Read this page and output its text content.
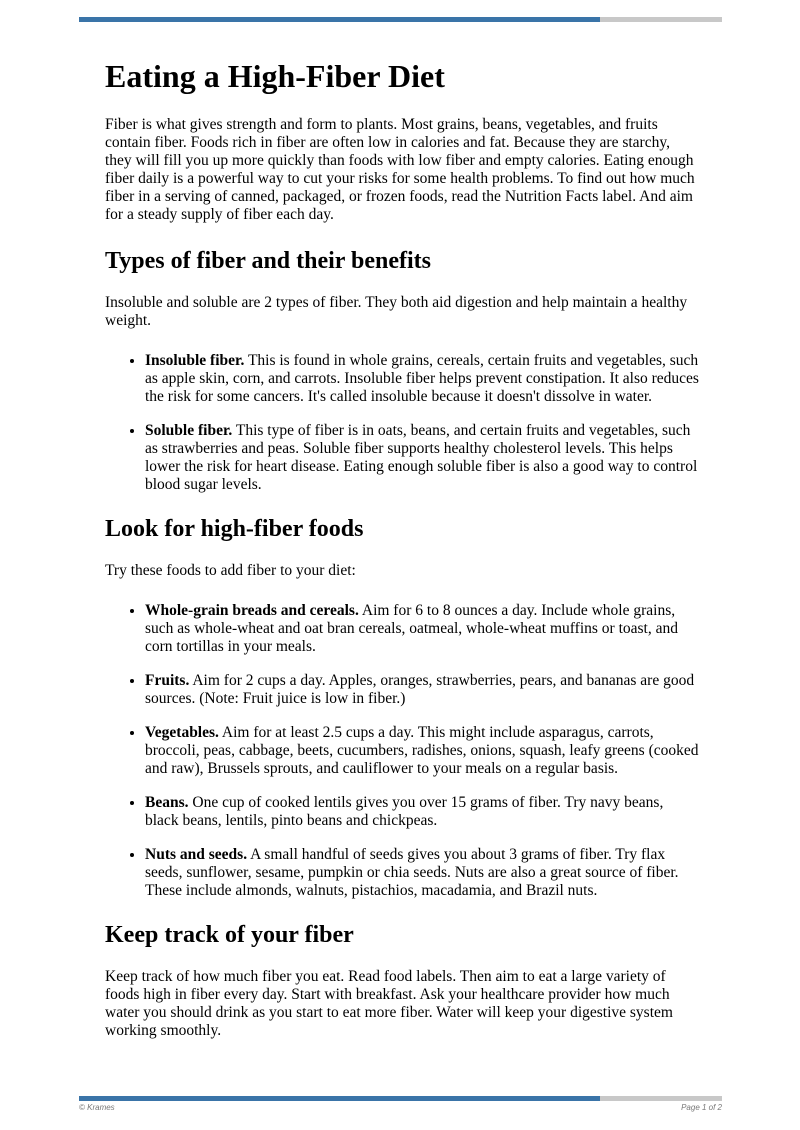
Eating a High-Fiber Diet

Fiber is what gives strength and form to plants. Most grains, beans, vegetables, and fruits contain fiber. Foods rich in fiber are often low in calories and fat. Because they are starchy, they will fill you up more quickly than foods with low fiber and empty calories. Eating enough fiber daily is a powerful way to cut your risks for some health problems. To find out how much fiber in a serving of canned, packaged, or frozen foods, read the Nutrition Facts label. And aim for a steady supply of fiber each day.

Types of fiber and their benefits

Insoluble and soluble are 2 types of fiber. They both aid digestion and help maintain a healthy weight.

• Insoluble fiber. This is found in whole grains, cereals, certain fruits and vegetables, such as apple skin, corn, and carrots. Insoluble fiber helps prevent constipation. It also reduces the risk for some cancers. It's called insoluble because it doesn't dissolve in water.
• Soluble fiber. This type of fiber is in oats, beans, and certain fruits and vegetables, such as strawberries and peas. Soluble fiber supports healthy cholesterol levels. This helps lower the risk for heart disease. Eating enough soluble fiber is also a good way to control blood sugar levels.
Look for high-fiber foods

Try these foods to add fiber to your diet:

• Whole-grain breads and cereals. Aim for 6 to 8 ounces a day. Include whole grains, such as whole-wheat and oat bran cereals, oatmeal, whole-wheat muffins or toast, and corn tortillas in your meals.
• Fruits. Aim for 2 cups a day. Apples, oranges, strawberries, pears, and bananas are good sources. (Note: Fruit juice is low in fiber.)
• Vegetables. Aim for at least 2.5 cups a day. This might include asparagus, carrots, broccoli, peas, cabbage, beets, cucumbers, radishes, onions, squash, leafy greens (cooked and raw), Brussels sprouts, and cauliflower to your meals on a regular basis.
• Beans. One cup of cooked lentils gives you over 15 grams of fiber. Try navy beans, black beans, lentils, pinto beans and chickpeas.
• Nuts and seeds. A small handful of seeds gives you about 3 grams of fiber. Try flax seeds, sunflower, sesame, pumpkin or chia seeds. Nuts are also a great source of fiber. These include almonds, walnuts, pistachios, macadamia, and Brazil nuts.
Keep track of your fiber

Keep track of how much fiber you eat. Read food labels. Then aim to eat a large variety of foods high in fiber every day. Start with breakfast. Ask your healthcare provider how much water you should drink as you start to eat more fiber. Water will keep your digestive system working smoothly.

© Krames	Page 1 of 2
